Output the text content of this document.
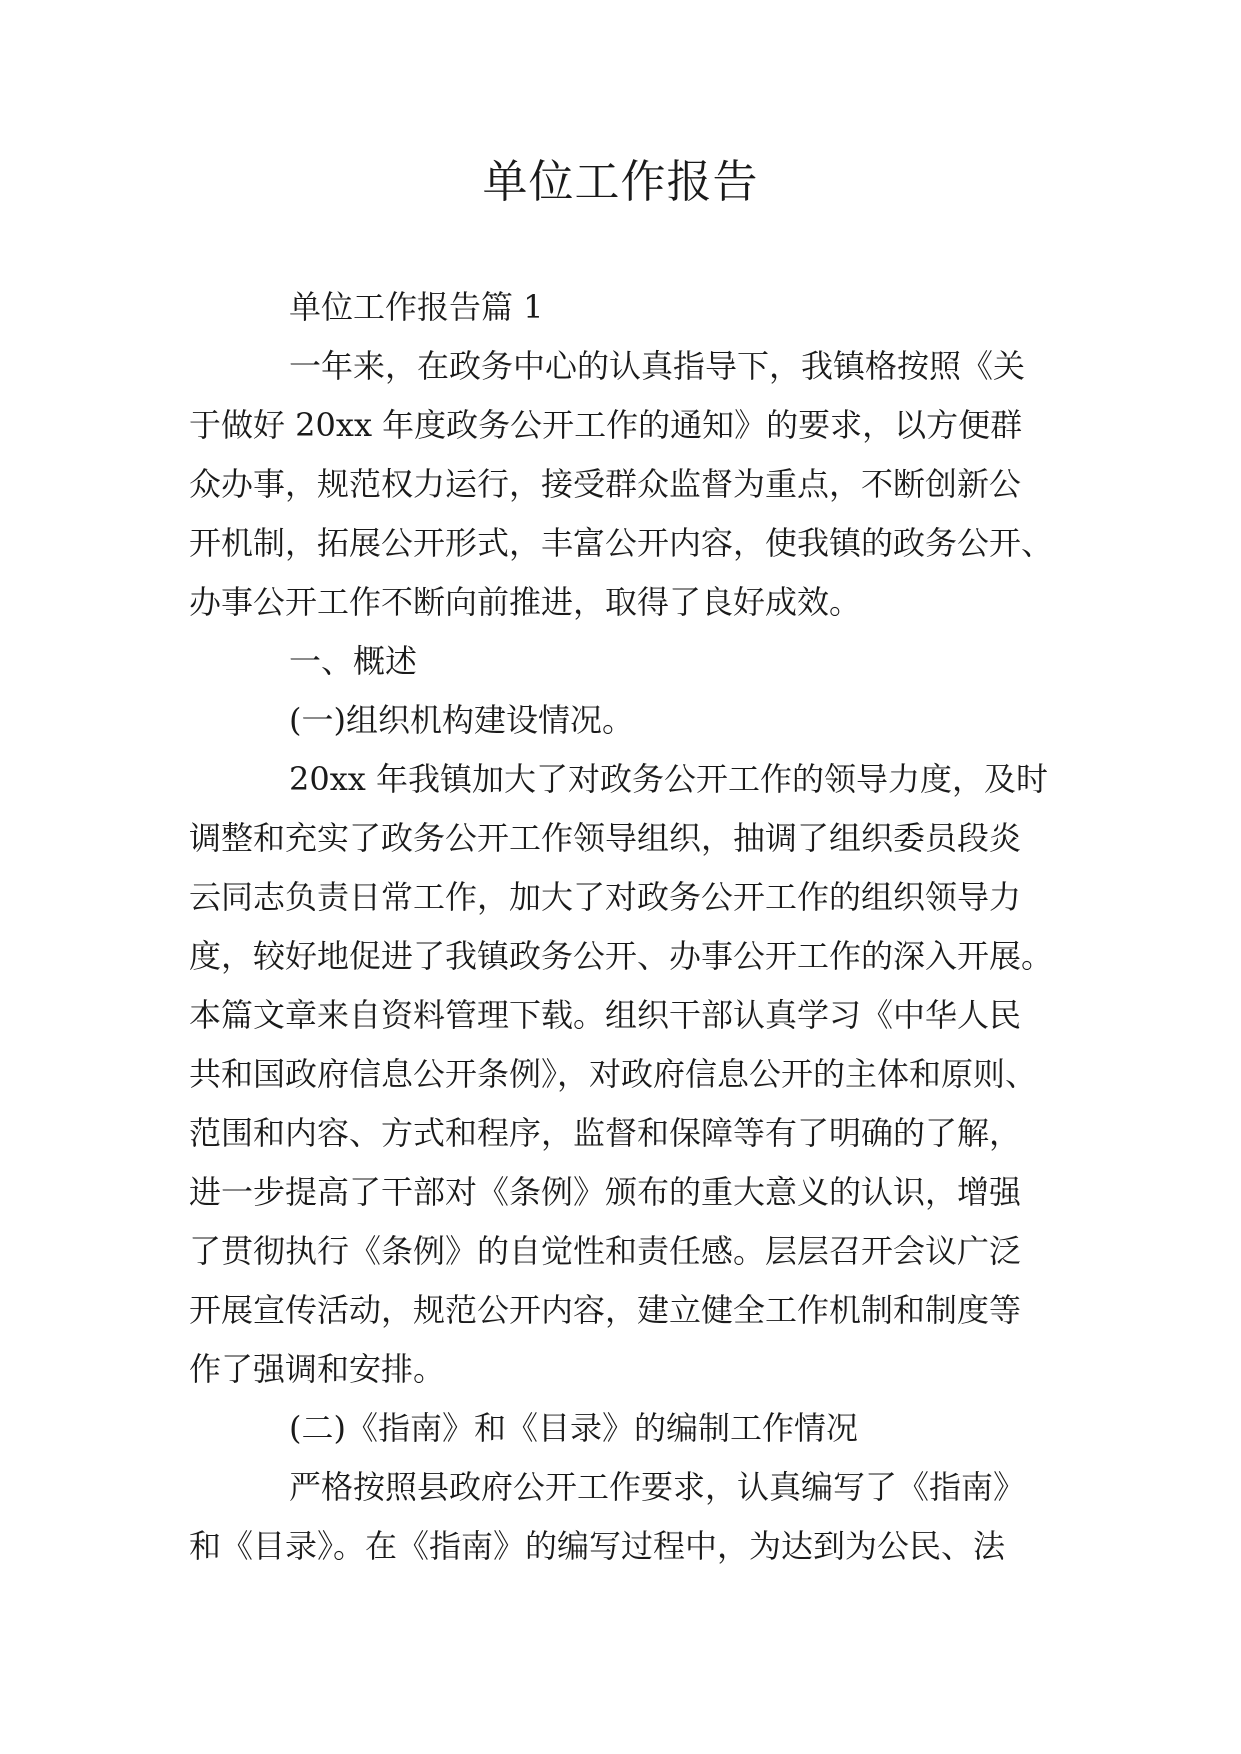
单位工作报告
单位工作报告篇 1
一年来，在政务中心的认真指导下，我镇格按照《关
于做好 20xx 年度政务公开工作的通知》的要求，以方便群
众办事，规范权力运行，接受群众监督为重点，不断创新公
开机制，拓展公开形式，丰富公开内容，使我镇的政务公开、
办事公开工作不断向前推进，取得了良好成效。
一、概述
(一)组织机构建设情况。
20xx 年我镇加大了对政务公开工作的领导力度，及时
调整和充实了政务公开工作领导组织，抽调了组织委员段炎
云同志负责日常工作，加大了对政务公开工作的组织领导力
度，较好地促进了我镇政务公开、办事公开工作的深入开展。
本篇文章来自资料管理下载。组织干部认真学习《中华人民
共和国政府信息公开条例》，对政府信息公开的主体和原则、
范围和内容、方式和程序，监督和保障等有了明确的了解，
进一步提高了干部对《条例》颁布的重大意义的认识，增强
了贯彻执行《条例》的自觉性和责任感。层层召开会议广泛
开展宣传活动，规范公开内容，建立健全工作机制和制度等
作了强调和安排。
(二)《指南》和《目录》的编制工作情况
严格按照县政府公开工作要求，认真编写了《指南》
和《目录》。在《指南》的编写过程中，为达到为公民、法
